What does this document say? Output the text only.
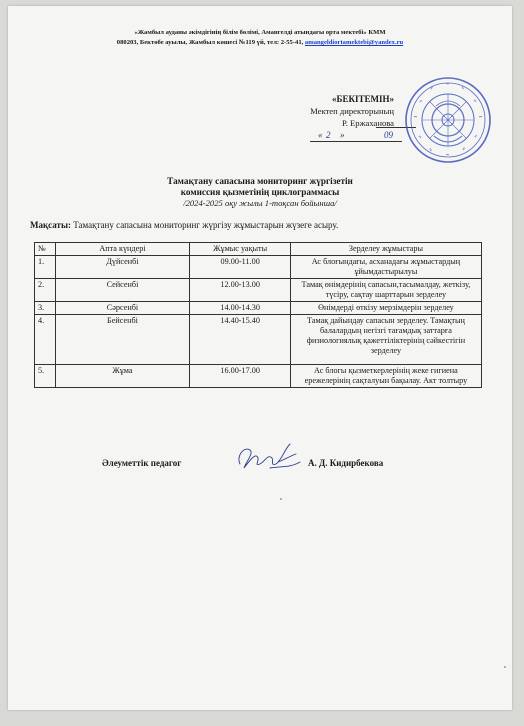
«Жамбыл ауданы әкімдігінің білім бөлімі, Амангелді атындағы орта мектебі» КММ
080203, Бектөбе ауылы, Жамбыл көшесі №119 үй, тел: 2-55-41, amangeldiortamektebi@yandex.ru
«БЕКІТЕМІН»
Мектеп директорының
Р. Ержаханова
« 2 »	09
Тамақтану сапасына мониторинг жүргізетін
комиссия қызметінің циклограммасы
/2024-2025 оқу жылы 1-тоқсан бойынша/
Мақсаты: Тамақтану сапасына мониторинг жүргізу жұмыстарын жүзеге асыру.
№	Апта күндері	Жұмыс уақыты	Зерделеу жұмыстары
1.	Дүйсенбі	09.00-11.00	Ас блоғындағы, асханадағы жұмыстардың ұйымдастырылуы
2.	Сейсенбі	12.00-13.00	Тамақ өнімдерінің сапасын,тасымалдау, жеткізу, түсіру, сақтау шарттарын зерделеу
3.	Сәрсенбі	14.00-14.30	Өнімдерді өткізу мерзімдерін зерделеу
4.	Бейсенбі	14.40-15.40	Тамақ дайындау сапасын зерделеу. Тамақтың балалардың негізгі тағамдық заттарға физиологиялық қажеттіліктерінің сәйкестігін зерделеу
5.	Жұма	16.00-17.00	Ас блогы қызметкерлерінің жеке гигиена ережелерінің сақталуын бақылау. Акт толтыру
Әлеуметтік педагог	А. Д. Кидирбекова
